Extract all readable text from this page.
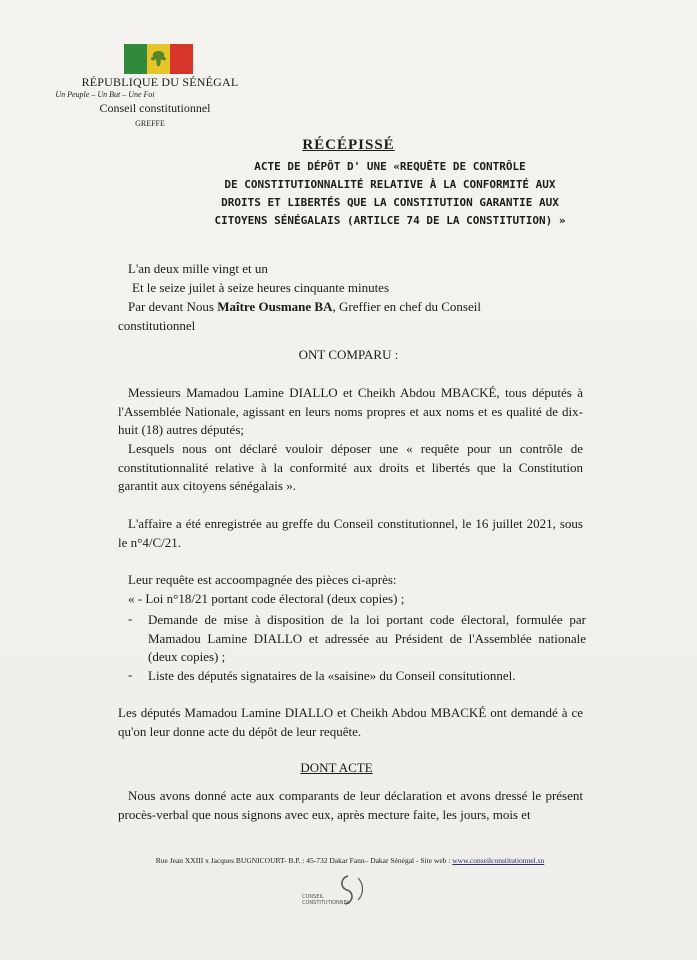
RÉPUBLIQUE DU SÉNÉGAL
Un Peuple – Un But – Une Foi
Conseil constitutionnel
GREFFE
RÉCÉPISSÉ
ACTE DE DÉPÔT D' UNE «REQUÊTE DE CONTRÔLE
DE CONSTITUTIONNALITÉ RELATIVE À LA CONFORMITÉ AUX
DROITS ET LIBERTÉS QUE LA CONSTITUTION GARANTIE AUX
CITOYENS SÉNÉGALAIS (ARTILCE 74 DE LA CONSTITUTION) »
L'an deux mille vingt et un
Et le seize juilet à seize heures cinquante minutes
Par devant Nous Maître Ousmane BA, Greffier en chef du Conseil
constitutionnel
ONT COMPARU :
Messieurs Mamadou Lamine DIALLO et Cheikh Abdou MBACKÉ, tous députés à l'Assemblée Nationale, agissant en leurs noms propres et aux noms et es qualité de dix-huit (18) autres députés;
Lesquels nous ont déclaré vouloir déposer une « requête pour un contrôle de constitutionnalité relative à la conformité aux droits et libertés que la Constitution garantit aux citoyens sénégalais ».
L'affaire a été enregistrée au greffe du Conseil constitutionnel, le 16 juillet 2021, sous le n°4/C/21.
Leur requête est accoompagnée des pièces ci-après:
« - Loi n°18/21 portant code électoral (deux copies) ;
- Demande de mise à disposition de la loi portant code électoral, formulée par Mamadou Lamine DIALLO et adressée au Président de l'Assemblée nationale (deux copies) ;
- Liste des députés signataires de la «saisine» du Conseil consitutionnel.
Les députés Mamadou Lamine DIALLO et Cheikh Abdou MBACKÉ ont demandé à ce qu'on leur donne acte du dépôt de leur requête.
DONT ACTE
Nous avons donné acte aux comparants de leur déclaration et avons dressé le présent procès-verbal que nous signons avec eux, après mecture faite, les jours, mois et
Rue Jean XXIII x Jacques BUGNICOURT- B.P. : 45-732 Dakar Fann– Dakar Sénégal - Site web : www.conseilconstitutionnel.sn
CONSEIL
CONSTITUTIONNEL
